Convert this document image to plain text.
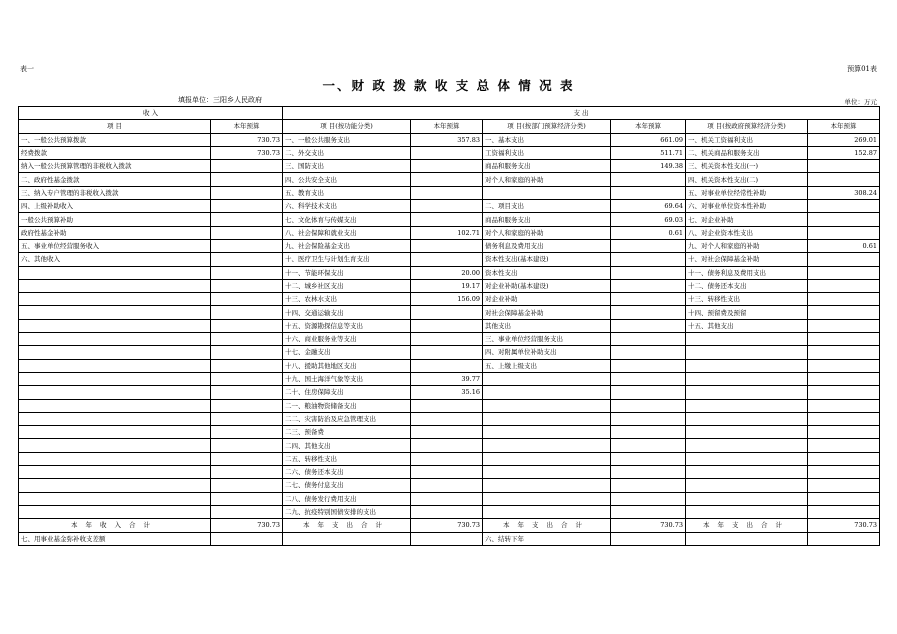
表一	预算01表
一、财 政 拨 款 收 支 总 体 情 况 表
填报单位：三阳乡人民政府	单位：万元
收 入		支 出					
项 目	本年预算	项 目(按功能分类)	本年预算	项 目(按部门预算经济分类)	本年预算	项 目(按政府预算经济分类)	本年预算
一、一般公共预算拨款	730.73	一、一般公共服务支出	357.83	一、基本支出	661.09	一、机关工资福利支出	269.01
经费拨款	730.73	二、外交支出		工资福利支出	511.71	二、机关商品和服务支出	152.87
纳入一般公共预算管理的非税收入拨款		三、国防支出		商品和服务支出	149.38	三、机关资本性支出(一)	
二、政府性基金拨款		四、公共安全支出		对个人和家庭的补助		四、机关资本性支出(二)	
三、纳入专户管理的非税收入拨款		五、教育支出				五、对事业单位经常性补助	308.24
四、上级补助收入		六、科学技术支出		二、项目支出	69.64	六、对事业单位资本性补助	
一般公共预算补助		七、文化体育与传媒支出		商品和服务支出	69.03	七、对企业补助	
政府性基金补助		八、社会保障和就业支出	102.71	对个人和家庭的补助	0.61	八、对企业资本性支出	
五、事业单位经营服务收入		九、社会保险基金支出		债务利息及费用支出		九、对个人和家庭的补助	0.61
六、其他收入		十、医疗卫生与计划生育支出		资本性支出(基本建设)		十、对社会保障基金补助	
		十一、节能环保支出	20.00	资本性支出		十一、债务利息及费用支出	
		十二、城乡社区支出	19.17	对企业补助(基本建设)		十二、债务还本支出	
		十三、农林水支出	156.09	对企业补助		十三、转移性支出	
		十四、交通运输支出		对社会保障基金补助		十四、预留费及预留	
		十五、资源勘探信息等支出		其他支出		十五、其他支出	
		十六、商业服务业等支出		三、事业单位经营服务支出			
		十七、金融支出		四、对附属单位补助支出			
		十八、援助其他地区支出		五、上缴上级支出			
		十九、国土海洋气象等支出	39.77				
		二十、住房保障支出	35.16				
		二一、粮油物资储备支出					
		二二、灾害防治及应急管理支出					
		二三、预备费					
		二四、其他支出					
		二五、转移性支出					
		二六、债务还本支出					
		二七、债务付息支出					
		二八、债务发行费用支出					
		二九、抗疫特别国债安排的支出					
本年收入合计	730.73	本年支出合计	730.73	本年支出合计	730.73	本年支出合计	730.73
七、用事业基金弥补收支差额				六、结转下年			
